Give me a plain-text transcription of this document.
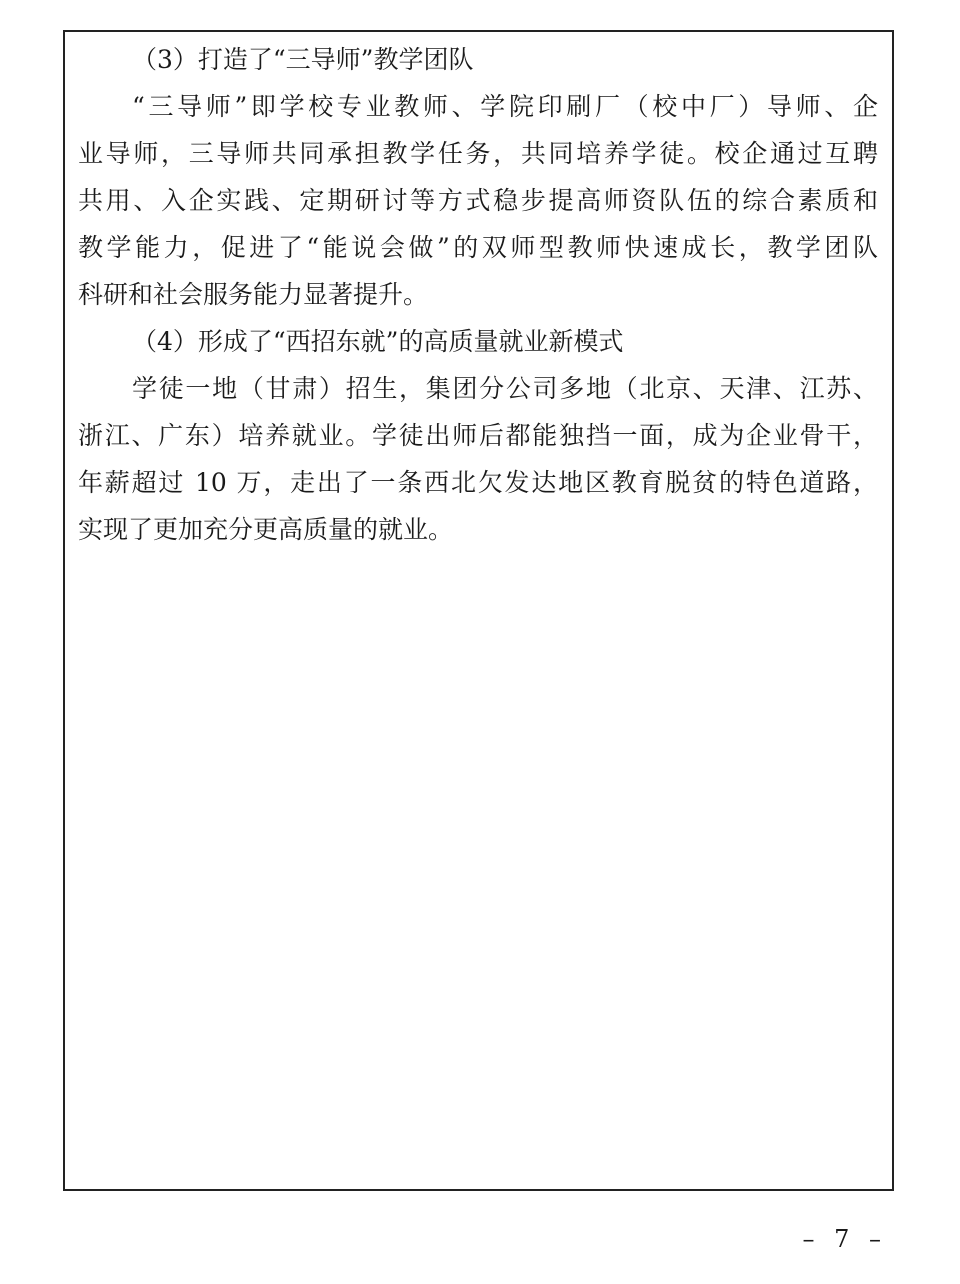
（3）打造了“三导师”教学团队
“三导师”即学校专业教师、学院印刷厂（校中厂）导师、企
业导师，三导师共同承担教学任务，共同培养学徒。校企通过互聘
共用、入企实践、定期研讨等方式稳步提高师资队伍的综合素质和
教学能力，促进了“能说会做”的双师型教师快速成长，教学团队
科研和社会服务能力显著提升。
（4）形成了“西招东就”的高质量就业新模式
学徒一地（甘肃）招生，集团分公司多地（北京、天津、江苏、
浙江、广东）培养就业。学徒出师后都能独挡一面，成为企业骨干，
年薪超过 10 万，走出了一条西北欠发达地区教育脱贫的特色道路，
实现了更加充分更高质量的就业。
– 7 –
